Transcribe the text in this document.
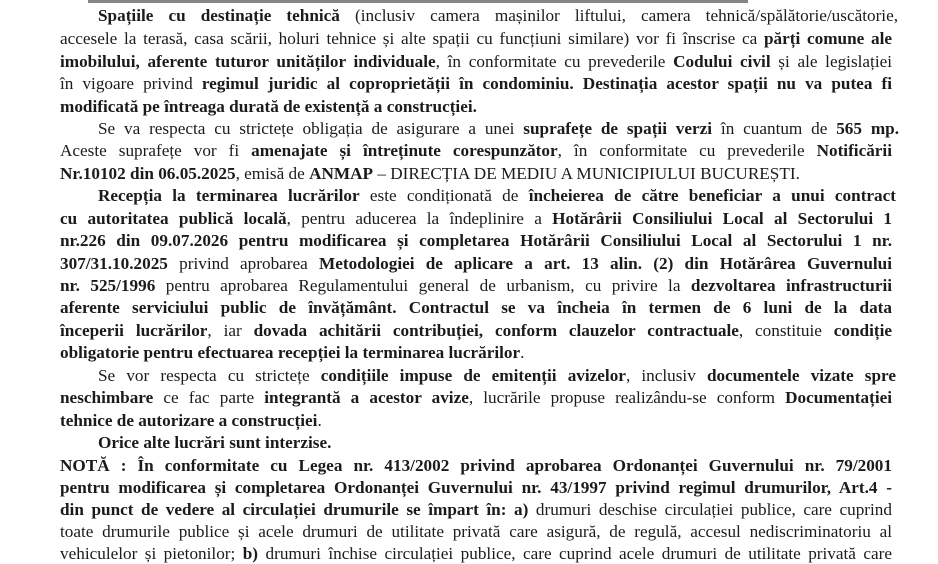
Spațiile cu destinație tehnică (inclusiv camera mașinilor liftului, camera tehnică/spălătorie/uscătorie,
accesele la terasă, casa scării, holuri tehnice și alte spații cu funcțiuni similare) vor fi înscrise ca părți comune ale
imobilului, aferente tuturor unităților individuale, în conformitate cu prevederile Codului civil și ale legislației
în vigoare privind regimul juridic al coproprietății în condominiu. Destinația acestor spații nu va putea fi
modificată pe întreaga durată de existență a construcției.
Se va respecta cu strictețe obligația de asigurare a unei suprafețe de spații verzi în cuantum de 565 mp.
Aceste suprafețe vor fi amenajate și întreținute corespunzător, în conformitate cu prevederile Notificării
Nr.10102 din 06.05.2025, emisă de ANMAP – DIRECȚIA DE MEDIU A MUNICIPIULUI BUCUREȘTI.
Recepția la terminarea lucrărilor este condiționată de încheierea de către beneficiar a unui contract
cu autoritatea publică locală, pentru aducerea la îndeplinire a Hotărârii Consiliului Local al Sectorului 1
nr.226 din 09.07.2026 pentru modificarea și completarea Hotărârii Consiliului Local al Sectorului 1 nr.
307/31.10.2025 privind aprobarea Metodologiei de aplicare a art. 13 alin. (2) din Hotărârea Guvernului
nr. 525/1996 pentru aprobarea Regulamentului general de urbanism, cu privire la dezvoltarea infrastructurii
aferente serviciului public de învățământ. Contractul se va încheia în termen de 6 luni de la data
începerii lucrărilor, iar dovada achitării contribuției, conform clauzelor contractuale, constituie condiție
obligatorie pentru efectuarea recepției la terminarea lucrărilor.
Se vor respecta cu strictețe condițiile impuse de emitenții avizelor, inclusiv documentele vizate spre
neschimbare ce fac parte integrantă a acestor avize, lucrările propuse realizându-se conform Documentației
tehnice de autorizare a construcției.
Orice alte lucrări sunt interzise.
NOTĂ : În conformitate cu Legea nr. 413/2002 privind aprobarea Ordonanței Guvernului nr. 79/2001
pentru modificarea și completarea Ordonanței Guvernului nr. 43/1997 privind regimul drumurilor, Art.4 -
din punct de vedere al circulației drumurile se împart în: a) drumuri deschise circulației publice, care cuprind
toate drumurile publice și acele drumuri de utilitate privată care asigură, de regulă, accesul nediscriminatoriu al
vehiculelor și pietonilor; b) drumuri închise circulației publice, care cuprind acele drumuri de utilitate privată care
